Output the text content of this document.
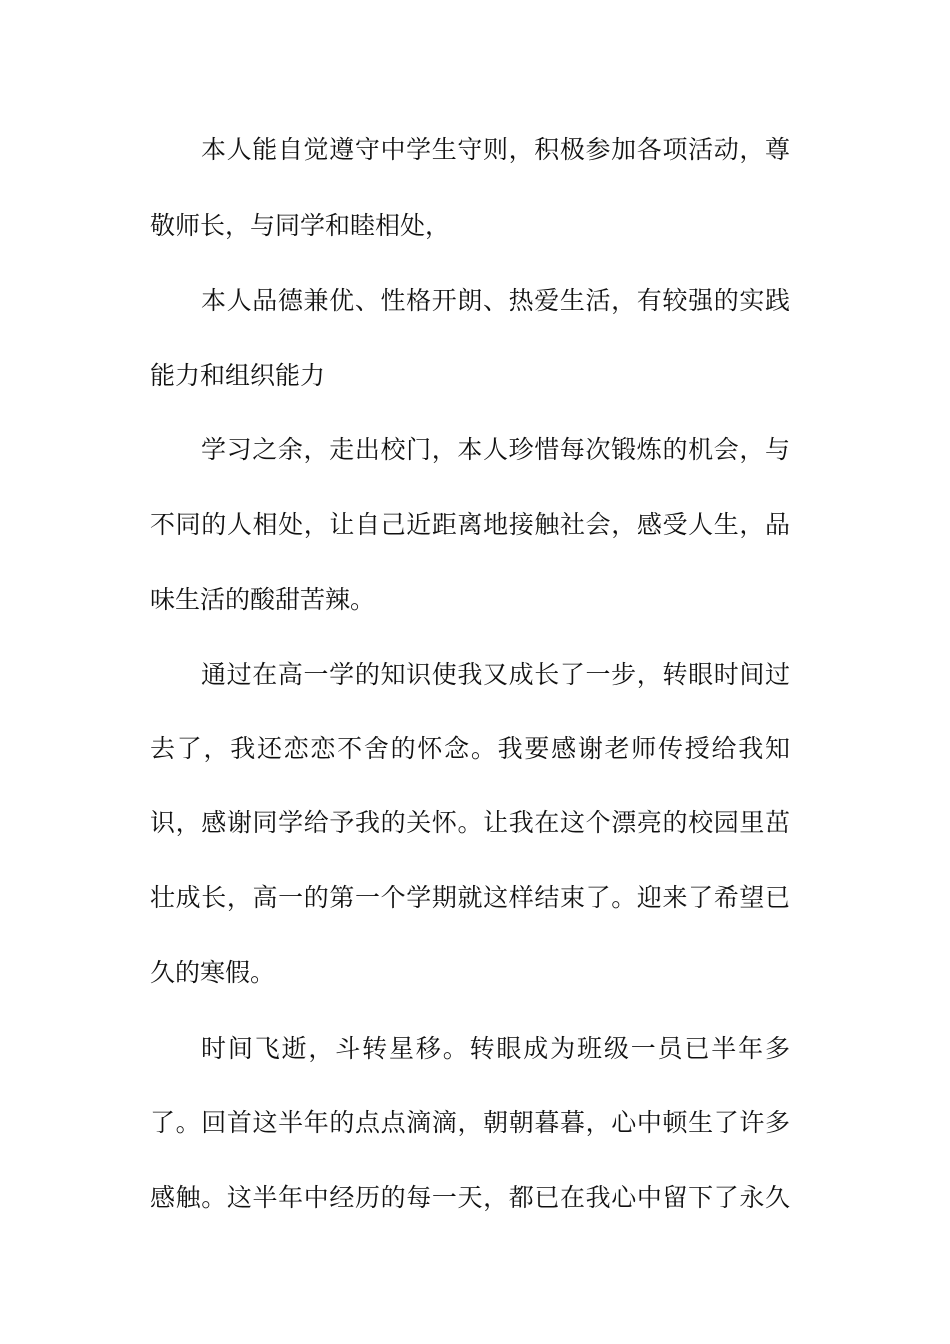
本人能自觉遵守中学生守则，积极参加各项活动，尊
敬师长，与同学和睦相处，
本人品德兼优、性格开朗、热爱生活，有较强的实践
能力和组织能力
学习之余，走出校门，本人珍惜每次锻炼的机会，与
不同的人相处，让自己近距离地接触社会，感受人生，品
味生活的酸甜苦辣。
通过在高一学的知识使我又成长了一步，转眼时间过
去了，我还恋恋不舍的怀念。我要感谢老师传授给我知
识，感谢同学给予我的关怀。让我在这个漂亮的校园里茁
壮成长，高一的第一个学期就这样结束了。迎来了希望已
久的寒假。
时间飞逝，斗转星移。转眼成为班级一员已半年多
了。回首这半年的点点滴滴，朝朝暮暮，心中顿生了许多
感触。这半年中经历的每一天，都已在我心中留下了永久
